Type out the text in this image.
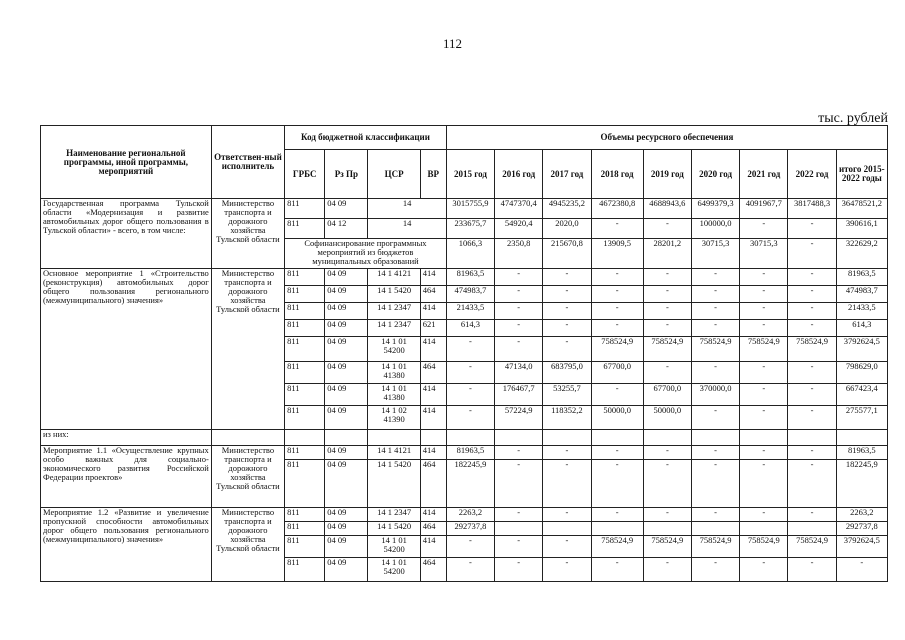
112
тыс. рублей
Наименование региональной программы, иной программы, мероприятий	Ответствен-ный исполнитель	Код бюджетной классификации				Объемы ресурсного обеспечения								
		ГРБС	Рз Пр	ЦСР	ВР	2015 год	2016 год	2017 год	2018 год	2019 год	2020 год	2021 год	2022 год	итого 2015-2022 годы
Государственная программа Тульской области «Модернизация и развитие автомобильных дорог общего пользования в Тульской области» - всего, в том числе:	Министерство транспорта и дорожного хозяйства Тульской области	811	04 09	14		3015755,9	4747370,4	4945235,2	4672380,8	4688943,6	6499379,3	4091967,7	3817488,3	36478521,2
		811	04 12	14		233675,7	54920,4	2020,0	-	-	100000,0	-	-	390616,1
		Софинансирование программных мероприятий из бюджетов муниципальных образований				1066,3	2350,8	215670,8	13909,5	28201,2	30715,3	30715,3	-	322629,2
Основное мероприятие 1 «Строительство (реконструкция) автомобильных дорог общего пользования регионального (межмуниципального) значения»	Министерство транспорта и дорожного хозяйства Тульской области	811	04 09	14 1 4121	414	81963,5	-	-	-	-	-	-	-	81963,5
		811	04 09	14 1 5420	464	474983,7	-	-	-	-	-	-	-	474983,7
		811	04 09	14 1 2347	414	21433,5	-	-	-	-	-	-	-	21433,5
		811	04 09	14 1 2347	621	614,3	-	-	-	-	-	-	-	614,3
		811	04 09	14 1 01 54200	414	-	-	-	758524,9	758524,9	758524,9	758524,9	758524,9	3792624,5
		811	04 09	14 1 01 41380	464	-	47134,0	683795,0	67700,0	-	-	-	-	798629,0
		811	04 09	14 1 01 41380	414	-	176467,7	53255,7	-	67700,0	370000,0	-	-	667423,4
		811	04 09	14 1 02 41390	414	-	57224,9	118352,2	50000,0	50000,0	-	-	-	275577,1
из них:														
Мероприятие 1.1 «Осуществление крупных особо важных для социально-экономического развития Российской Федерации проектов»	Министерство транспорта и дорожного хозяйства Тульской области	811	04 09	14 1 4121	414	81963,5	-	-	-	-	-	-	-	81963,5
		811	04 09	14 1 5420	464	182245,9	-	-	-	-	-	-	-	182245,9
Мероприятие 1.2 «Развитие и увеличение пропускной способности автомобильных дорог общего пользования регионального (межмуниципального) значения»	Министерство транспорта и дорожного хозяйства Тульской области	811	04 09	14 1 2347	414	2263,2	-	-	-	-	-	-	-	2263,2
		811	04 09	14 1 5420	464	292737,8								292737,8
		811	04 09	14 1 01 54200	414	-	-	-	758524,9	758524,9	758524,9	758524,9	758524,9	3792624,5
		811	04 09	14 1 01 54200	464	-	-	-	-	-	-	-	-	-
